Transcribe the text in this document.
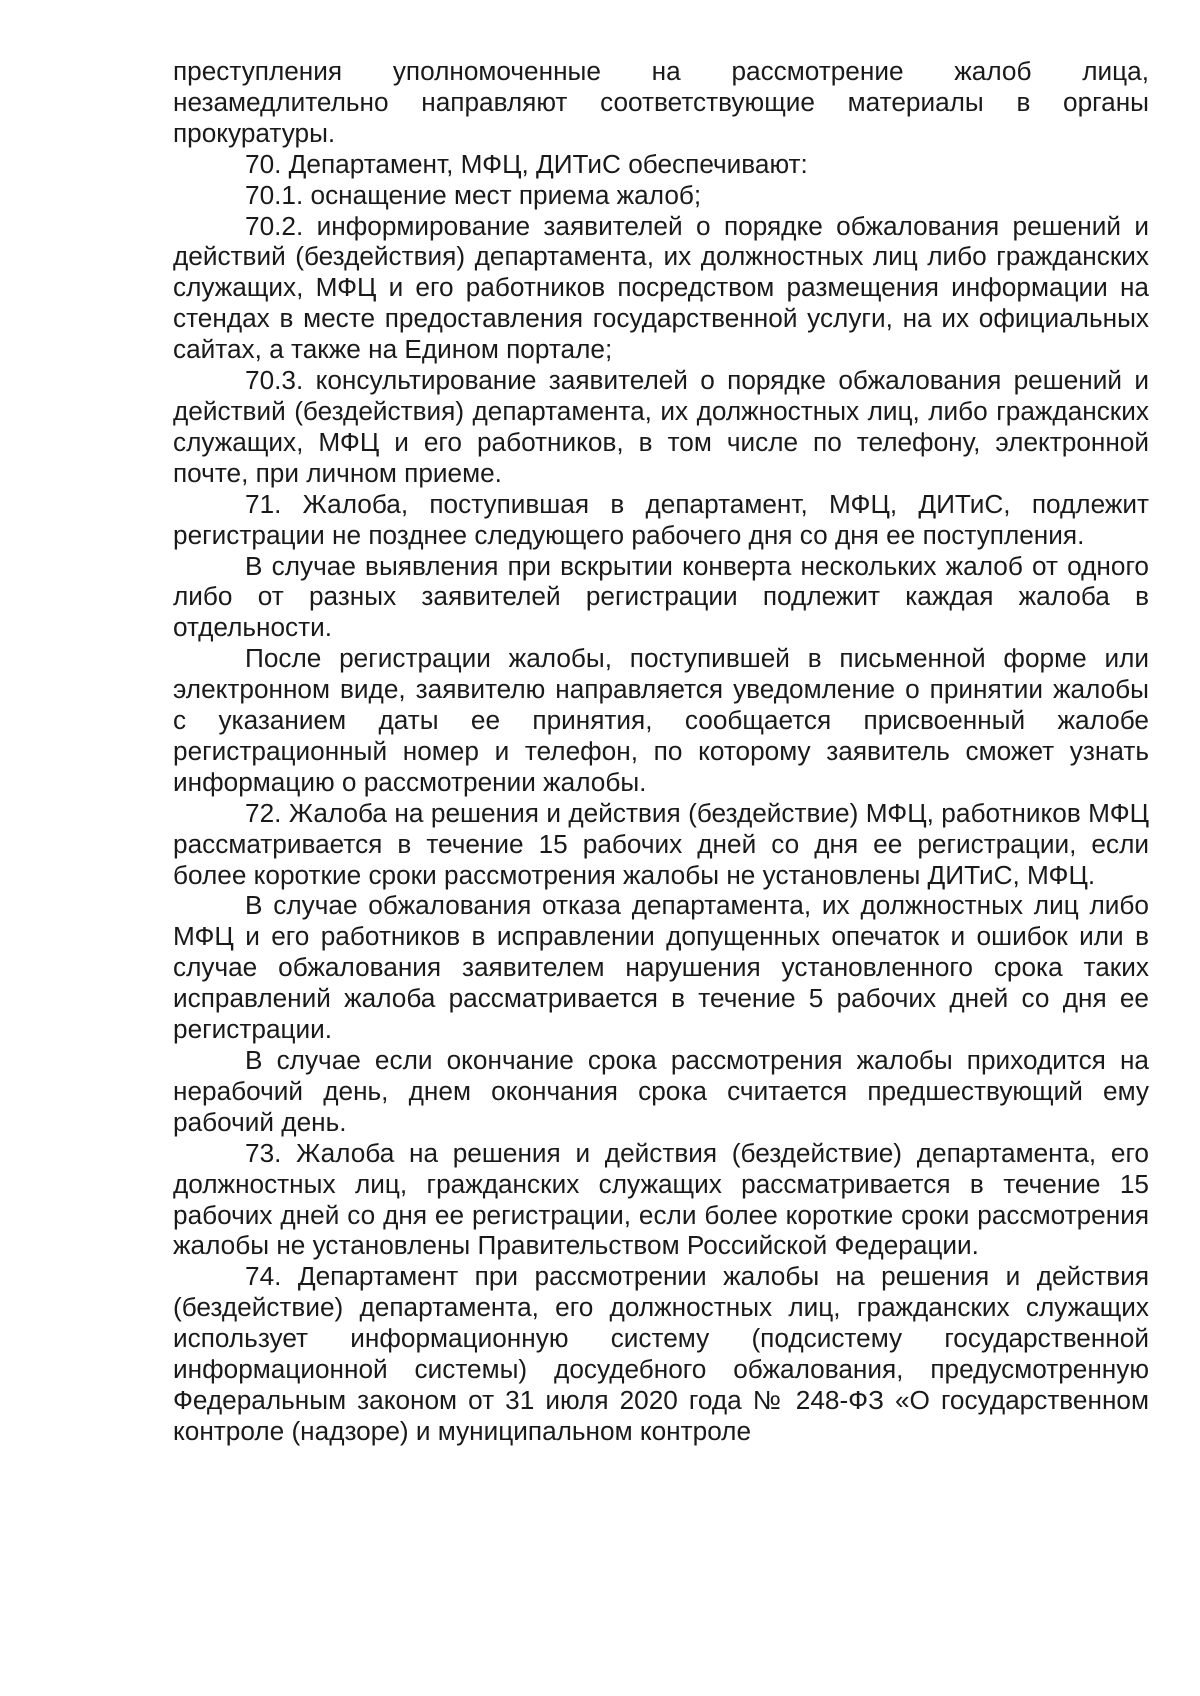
преступления уполномоченные на рассмотрение жалоб лица, незамедлительно направляют соответствующие материалы в органы прокуратуры.

70. Департамент, МФЦ, ДИТиС обеспечивают:

70.1. оснащение мест приема жалоб;

70.2. информирование заявителей о порядке обжалования решений и действий (бездействия) департамента, их должностных лиц либо гражданских служащих, МФЦ и его работников посредством размещения информации на стендах в месте предоставления государственной услуги, на их официальных сайтах, а также на Едином портале;

70.3. консультирование заявителей о порядке обжалования решений и действий (бездействия) департамента, их должностных лиц, либо гражданских служащих, МФЦ и его работников, в том числе по телефону, электронной почте, при личном приеме.

71. Жалоба, поступившая в департамент, МФЦ, ДИТиС, подлежит регистрации не позднее следующего рабочего дня со дня ее поступления.

В случае выявления при вскрытии конверта нескольких жалоб от одного либо от разных заявителей регистрации подлежит каждая жалоба в отдельности.

После регистрации жалобы, поступившей в письменной форме или электронном виде, заявителю направляется уведомление о принятии жалобы с указанием даты ее принятия, сообщается присвоенный жалобе регистрационный номер и телефон, по которому заявитель сможет узнать информацию о рассмотрении жалобы.

72. Жалоба на решения и действия (бездействие) МФЦ, работников МФЦ рассматривается в течение 15 рабочих дней со дня ее регистрации, если более короткие сроки рассмотрения жалобы не установлены ДИТиС, МФЦ.

В случае обжалования отказа департамента, их должностных лиц либо МФЦ и его работников в исправлении допущенных опечаток и ошибок или в случае обжалования заявителем нарушения установленного срока таких исправлений жалоба рассматривается в течение 5 рабочих дней со дня ее регистрации.

В случае если окончание срока рассмотрения жалобы приходится на нерабочий день, днем окончания срока считается предшествующий ему рабочий день.

73. Жалоба на решения и действия (бездействие) департамента, его должностных лиц, гражданских служащих рассматривается в течение 15 рабочих дней со дня ее регистрации, если более короткие сроки рассмотрения жалобы не установлены Правительством Российской Федерации.

74. Департамент при рассмотрении жалобы на решения и действия (бездействие) департамента, его должностных лиц, гражданских служащих использует информационную систему (подсистему государственной информационной системы) досудебного обжалования, предусмотренную Федеральным законом от 31 июля 2020 года № 248-ФЗ «О государственном контроле (надзоре) и муниципальном контроле
